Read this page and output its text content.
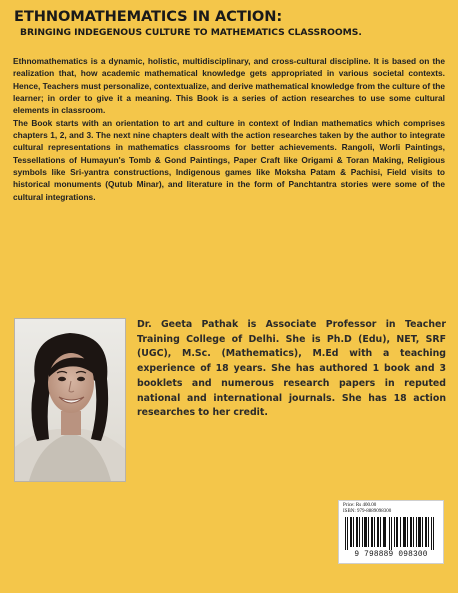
ETHNOMATHEMATICS IN ACTION:
BRINGING INDEGENOUS CULTURE TO MATHEMATICS CLASSROOMS.

Ethnomathematics is a dynamic, holistic, multidisciplinary, and cross-cultural discipline. It is based on the realization that, how academic mathematical knowledge gets appropriated in various societal contexts. Hence, Teachers must personalize, contextualize, and derive mathematical knowledge from the culture of the learner; in order to give it a meaning. This Book is a series of action researches to use some cultural elements in classroom.

The Book starts with an orientation to art and culture in context of Indian mathematics which comprises chapters 1, 2, and 3. The next nine chapters dealt with the action researches taken by the author to integrate cultural representations in mathematics classrooms for better achievements. Rangoli, Worli Paintings, Tessellations of Humayun's Tomb & Gond Paintings, Paper Craft like Origami & Toran Making, Religious symbols like Sri-yantra constructions, Indigenous games like Moksha Patam & Pachisi, Field visits to historical monuments (Qutub Minar), and literature in the form of Panchtantra stories were some of the cultural integrations.

Dr. Geeta Pathak is Associate Professor in Teacher Training College of Delhi. She is Ph.D (Edu), NET, SRF (UGC), M.Sc. (Mathematics), M.Ed with a teaching experience of 18 years. She has authored 1 book and 3 booklets and numerous research papers in reputed national and international journals. She has 18 action researches to her credit.
Price: Rs 400.00
ISBN: 979-8889098300
9 798889 098300
